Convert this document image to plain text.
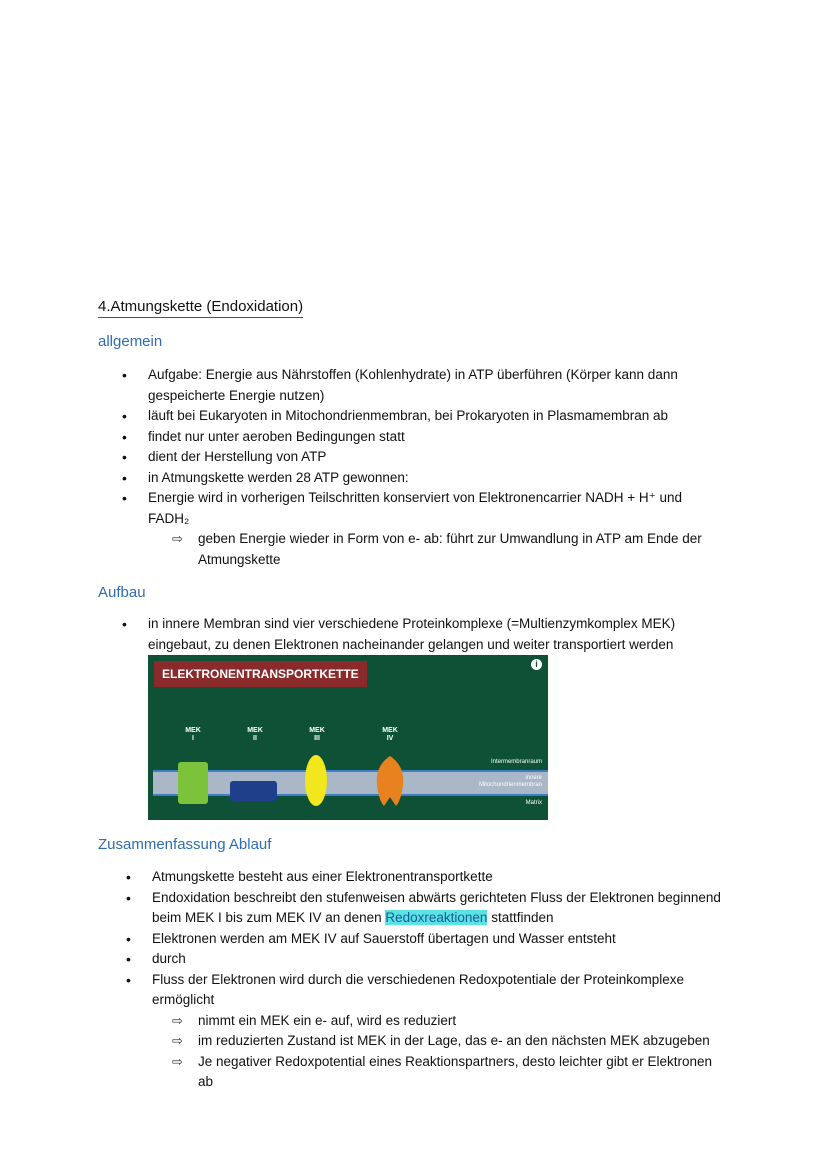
4.Atmungskette (Endoxidation)
allgemein
• Aufgabe: Energie aus Nährstoffen (Kohlenhydrate) in ATP überführen (Körper kann dann gespeicherte Energie nutzen)
• läuft bei Eukaryoten in Mitochondrienmembran, bei Prokaryoten in Plasmamembran ab
• findet nur unter aeroben Bedingungen statt
• dient der Herstellung von ATP
• in Atmungskette werden 28 ATP gewonnen:
• Energie wird in vorherigen Teilschritten konserviert von Elektronencarrier NADH + H⁺ und FADH₂
⇨ geben Energie wieder in Form von e- ab: führt zur Umwandlung in ATP am Ende der Atmungskette
Aufbau
• in innere Membran sind vier verschiedene Proteinkomplexe (=Multienzymkomplex MEK) eingebaut, zu denen Elektronen nacheinander gelangen und weiter transportiert werden
ELEKTRONENTRANSPORTKETTE
i
MEK
I
MEK
II
MEK
III
MEK
IV
Intermembranraum
innere Mitochondrienmembran
Matrix
Zusammenfassung Ablauf
• Atmungskette besteht aus einer Elektronentransportkette
• Endoxidation beschreibt den stufenweisen abwärts gerichteten Fluss der Elektronen beginnend beim MEK I bis zum MEK IV an denen Redoxreaktionen stattfinden
• Elektronen werden am MEK IV auf Sauerstoff übertagen und Wasser entsteht
• durch
• Fluss der Elektronen wird durch die verschiedenen Redoxpotentiale der Proteinkomplexe ermöglicht
⇨ nimmt ein MEK ein e- auf, wird es reduziert
⇨ im reduzierten Zustand ist MEK in der Lage, das e- an den nächsten MEK abzugeben
⇨ Je negativer Redoxpotential eines Reaktionspartners, desto leichter gibt er Elektronen ab
